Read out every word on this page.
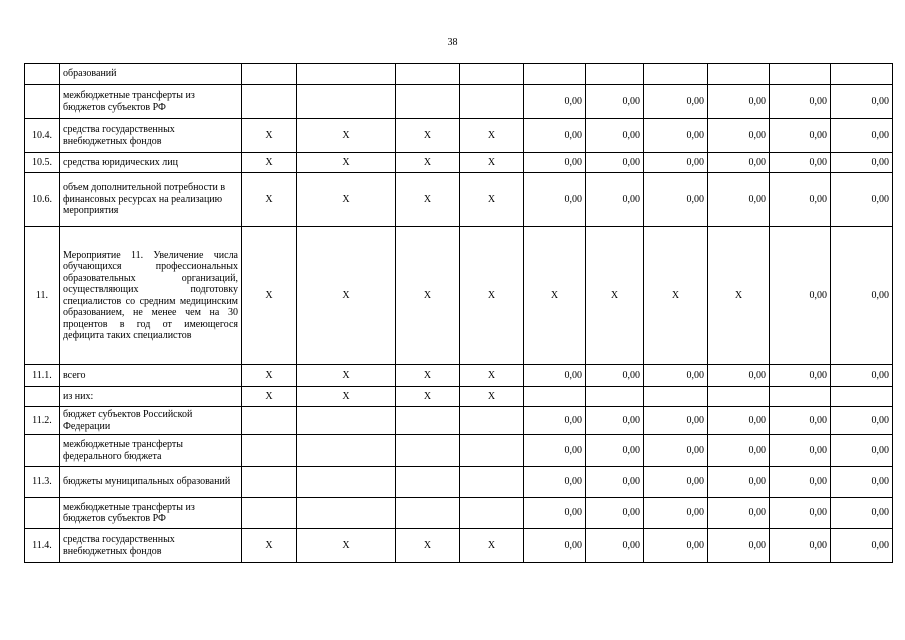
38
	образований										
	межбюджетные трансферты из бюджетов субъектов РФ					0,00	0,00	0,00	0,00	0,00	0,00
10.4.	средства государственных внебюджетных фондов	X	X	X	X	0,00	0,00	0,00	0,00	0,00	0,00
10.5.	средства юридических лиц	X	X	X	X	0,00	0,00	0,00	0,00	0,00	0,00
10.6.	объем дополнительной потребности в финансовых ресурсах на реализацию мероприятия	X	X	X	X	0,00	0,00	0,00	0,00	0,00	0,00
11.	Мероприятие 11. Увеличение числа обучающихся профессиональных образовательных организаций, осуществляющих подготовку специалистов со средним медицинским образованием, не менее чем на 30 процентов в год от имеющегося дефицита таких специалистов	X	X	X	X	X	X	X	X	0,00	0,00
11.1.	всего	X	X	X	X	0,00	0,00	0,00	0,00	0,00	0,00
	из них:	X	X	X	X						
11.2.	бюджет субъектов Российской Федерации					0,00	0,00	0,00	0,00	0,00	0,00
	межбюджетные трансферты федерального бюджета					0,00	0,00	0,00	0,00	0,00	0,00
11.3.	бюджеты муниципальных образований					0,00	0,00	0,00	0,00	0,00	0,00
	межбюджетные трансферты из бюджетов субъектов РФ					0,00	0,00	0,00	0,00	0,00	0,00
11.4.	средства государственных внебюджетных фондов	X	X	X	X	0,00	0,00	0,00	0,00	0,00	0,00
